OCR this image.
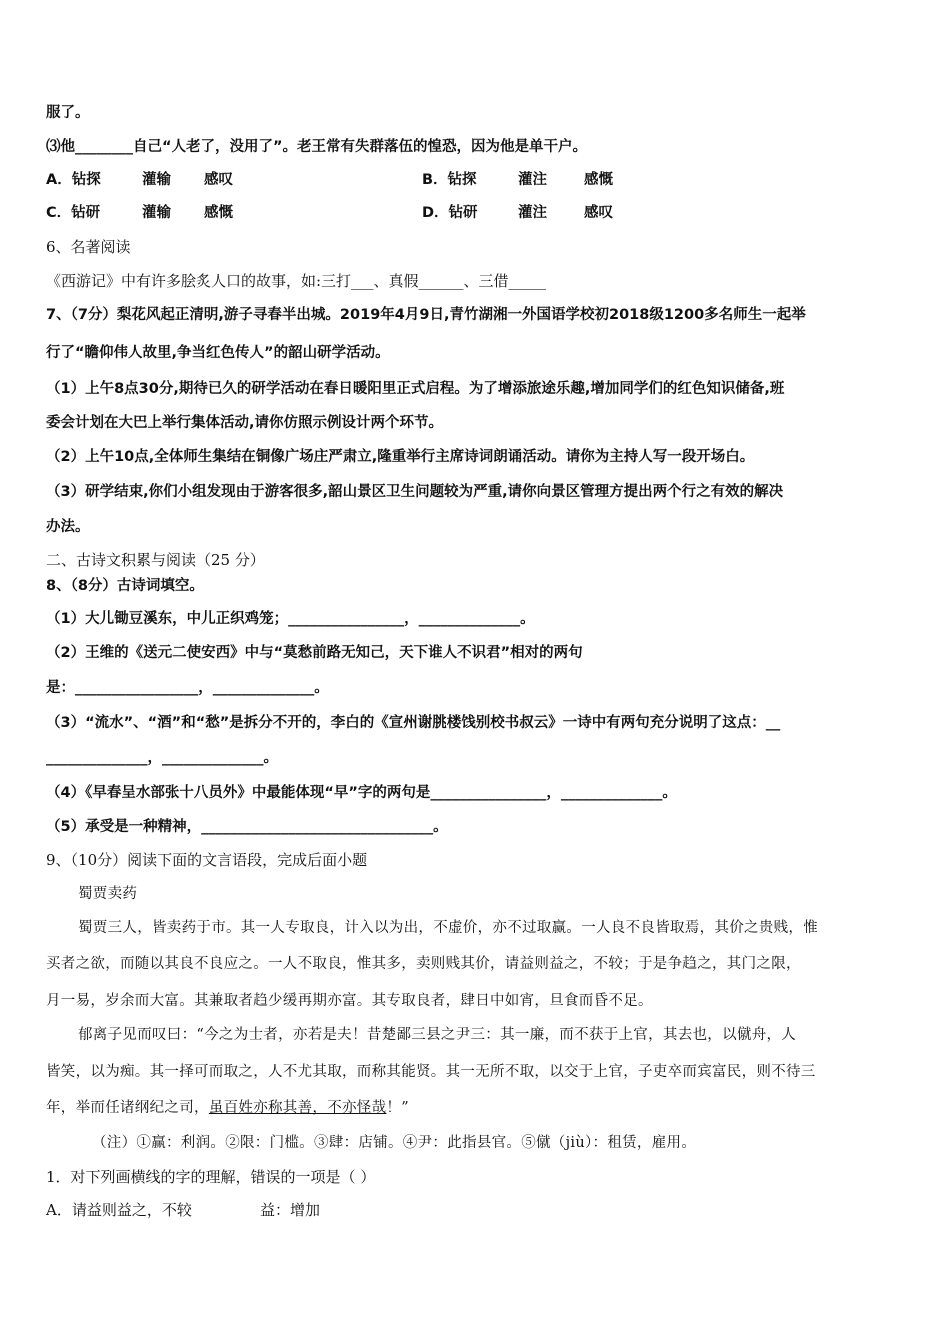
服了。
⑶他________自己“人老了，没用了”。老王常有失群落伍的惶恐，因为他是单干户。
A．钻探	灌输 感叹	B．钻探	灌注	感慨
C．钻研	灌输 感慨	D．钻研	灌注	感叹
6、名著阅读
《西游记》中有许多脍炙人口的故事，如:三打___、真假______、三借_____
7、（7分）梨花风起正清明,游子寻春半出城。2019年4月9日,青竹湖湘一外国语学校初2018级1200多名师生一起举
行了“瞻仰伟人故里,争当红色传人”的韶山研学活动。
（1）上午8点30分,期待已久的研学活动在春日暖阳里正式启程。为了增添旅途乐趣,增加同学们的红色知识储备,班
委会计划在大巴上举行集体活动,请你仿照示例设计两个环节。
（2）上午10点,全体师生集结在铜像广场庄严肃立,隆重举行主席诗词朗诵活动。请你为主持人写一段开场白。
（3）研学结束,你们小组发现由于游客很多,韶山景区卫生问题较为严重,请你向景区管理方提出两个行之有效的解决
办法。
二、古诗文积累与阅读（25 分）
8、（8分）古诗词填空。
（1）大儿锄豆溪东，中儿正织鸡笼；________________，______________。
（2）王维的《送元二使安西》中与“莫愁前路无知己，天下谁人不识君”相对的两句
是：_________________，______________。
（3）“流水”、“酒”和“愁”是拆分不开的，李白的《宣州谢朓楼饯别校书叔云》一诗中有两句充分说明了这点：__
______________，______________。
（4）《早春呈水部张十八员外》中最能体现“早”字的两句是________________，______________。
（5）承受是一种精神，________________________________。
9、（10分）阅读下面的文言语段，完成后面小题
蜀贾卖药
蜀贾三人，皆卖药于市。其一人专取良，计入以为出，不虚价，亦不过取赢。一人良不良皆取焉，其价之贵贱，惟
买者之欲，而随以其良不良应之。一人不取良，惟其多，卖则贱其价，请益则益之，不较；于是争趋之，其门之限，
月一易，岁余而大富。其兼取者趋少缓再期亦富。其专取良者，肆日中如宵，旦食而昏不足。
郁离子见而叹曰：“今之为士者，亦若是夫！昔楚鄙三县之尹三：其一廉，而不获于上官，其去也，以僦舟，人
皆笑，以为痴。其一择可而取之，人不尤其取，而称其能贤。其一无所不取，以交于上官，子吏卒而宾富民，则不待三
年，举而任诸纲纪之司，虽百姓亦称其善，不亦怪哉！”
（注）①赢：利润。②限：门槛。③肆：店铺。④尹：此指县官。⑤僦（jiù）：租赁，雇用。
1．对下列画横线的字的理解，错误的一项是（ ）
A．请益则益之，不较	益：增加
